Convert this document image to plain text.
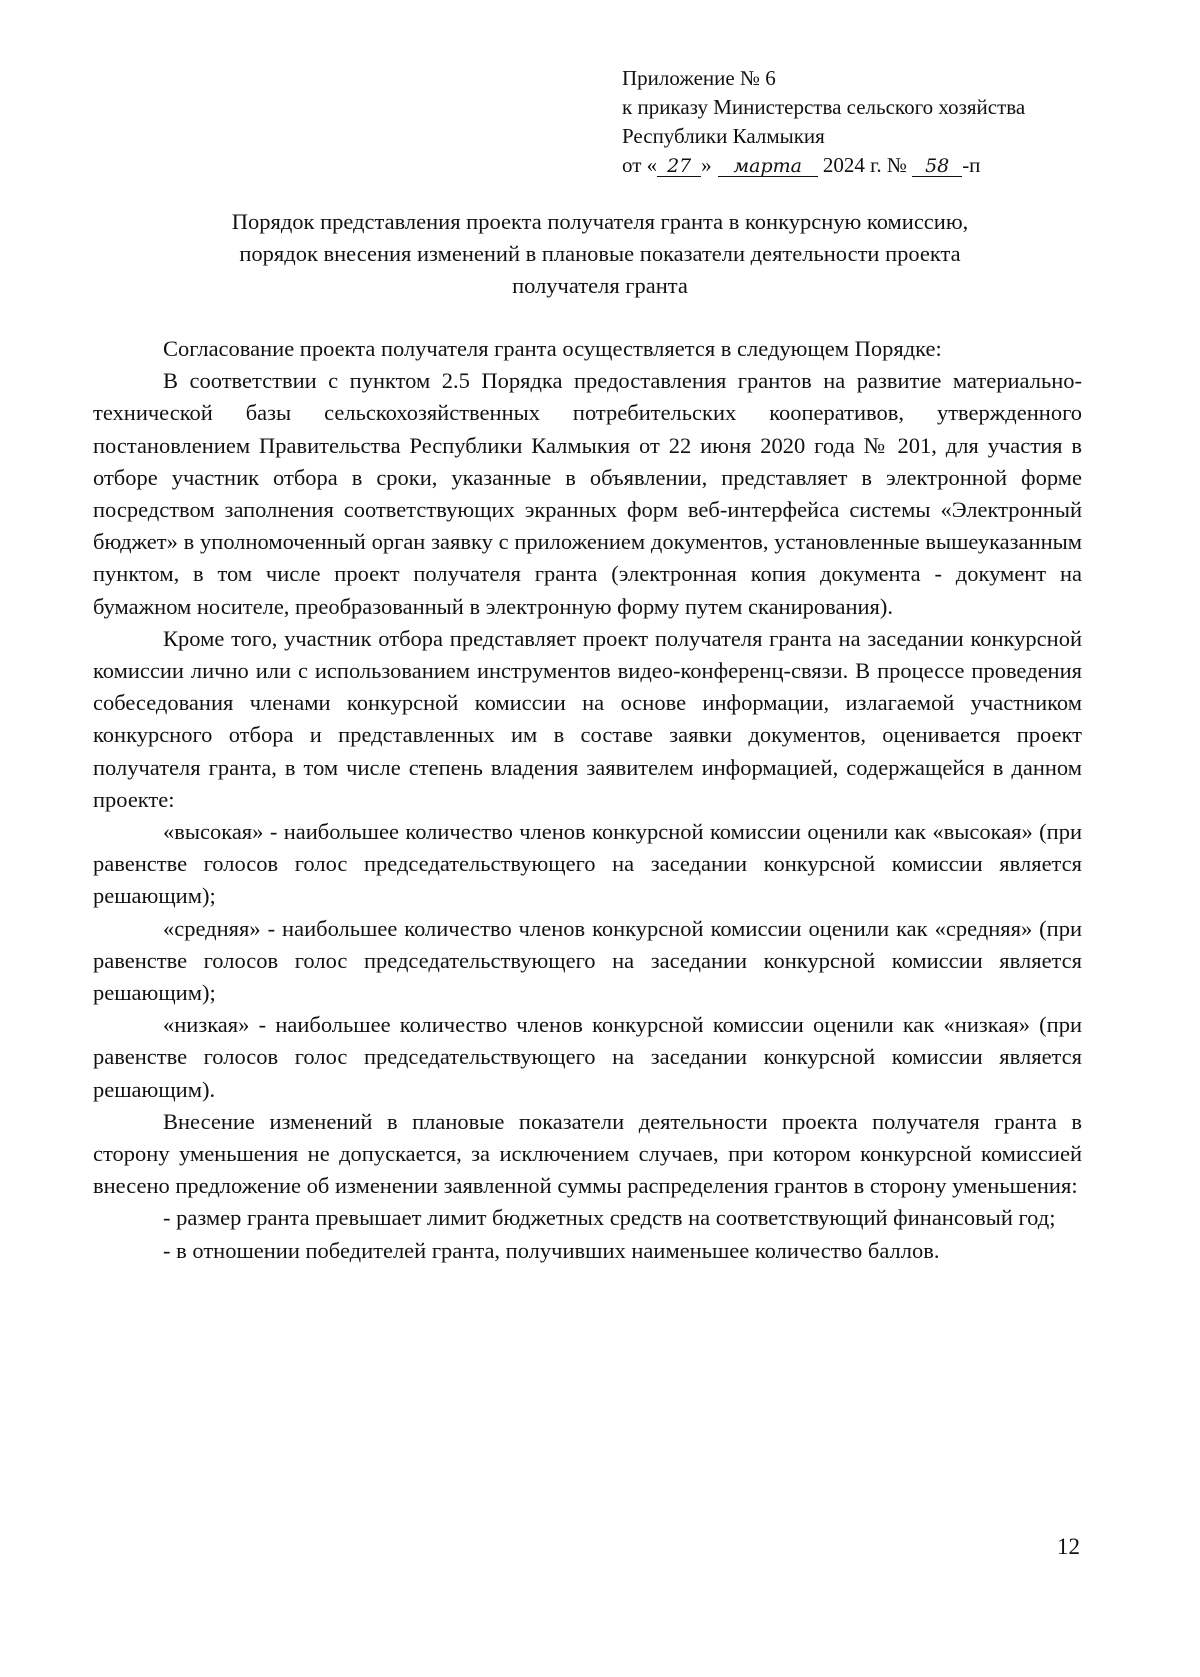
Приложение № 6
к приказу Министерства сельского хозяйства
Республики Калмыкия
от « 27 » марта 2024 г. № 58 -п
Порядок представления проекта получателя гранта в конкурсную комиссию,
порядок внесения изменений в плановые показатели деятельности проекта
получателя гранта

Согласование проекта получателя гранта осуществляется в следующем Порядке:

В соответствии с пунктом 2.5 Порядка предоставления грантов на развитие материально-технической базы сельскохозяйственных потребительских кооперативов, утвержденного постановлением Правительства Республики Калмыкия от 22 июня 2020 года № 201, для участия в отборе участник отбора в сроки, указанные в объявлении, представляет в электронной форме посредством заполнения соответствующих экранных форм веб-интерфейса системы «Электронный бюджет» в уполномоченный орган заявку с приложением документов, установленные вышеуказанным пунктом, в том числе проект получателя гранта (электронная копия документа - документ на бумажном носителе, преобразованный в электронную форму путем сканирования).

Кроме того, участник отбора представляет проект получателя гранта на заседании конкурсной комиссии лично или с использованием инструментов видео-конференц-связи. В процессе проведения собеседования членами конкурсной комиссии на основе информации, излагаемой участником конкурсного отбора и представленных им в составе заявки документов, оценивается проект получателя гранта, в том числе степень владения заявителем информацией, содержащейся в данном проекте:

«высокая» - наибольшее количество членов конкурсной комиссии оценили как «высокая» (при равенстве голосов голос председательствующего на заседании конкурсной комиссии является решающим);

«средняя» - наибольшее количество членов конкурсной комиссии оценили как «средняя» (при равенстве голосов голос председательствующего на заседании конкурсной комиссии является решающим);

«низкая» - наибольшее количество членов конкурсной комиссии оценили как «низкая» (при равенстве голосов голос председательствующего на заседании конкурсной комиссии является решающим).

Внесение изменений в плановые показатели деятельности проекта получателя гранта в сторону уменьшения не допускается, за исключением случаев, при котором конкурсной комиссией внесено предложение об изменении заявленной суммы распределения грантов в сторону уменьшения:

- размер гранта превышает лимит бюджетных средств на соответствующий финансовый год;

- в отношении победителей гранта, получивших наименьшее количество баллов.

12
